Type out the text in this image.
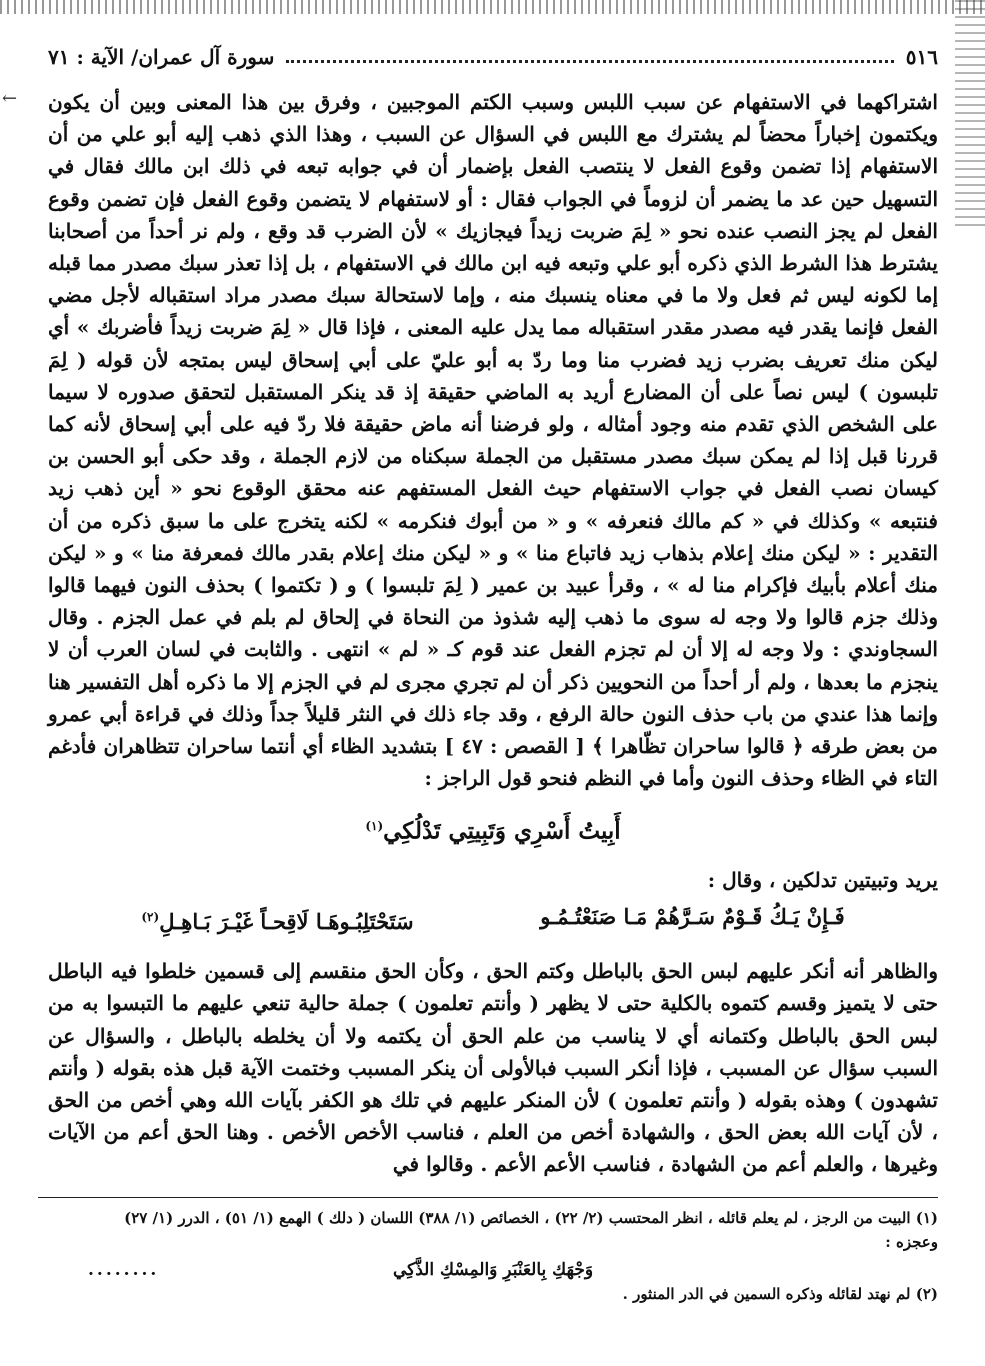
←
٥١٦
سورة آل عمران/ الآية : ٧١

اشتراكهما في الاستفهام عن سبب اللبس وسبب الكتم الموجبين ، وفرق بين هذا المعنى وبين أن يكون ويكتمون إخباراً محضاً لم يشترك مع اللبس في السؤال عن السبب ، وهذا الذي ذهب إليه أبو علي من أن الاستفهام إذا تضمن وقوع الفعل لا ينتصب الفعل بإضمار أن في جوابه تبعه في ذلك ابن مالك فقال في التسهيل حين عد ما يضمر أن لزوماً في الجواب فقال : أو لاستفهام لا يتضمن وقوع الفعل فإن تضمن وقوع الفعل لم يجز النصب عنده نحو « لِمَ ضربت زيداً فيجازيك » لأن الضرب قد وقع ، ولم نر أحداً من أصحابنا يشترط هذا الشرط الذي ذكره أبو علي وتبعه فيه ابن مالك في الاستفهام ، بل إذا تعذر سبك مصدر مما قبله إما لكونه ليس ثم فعل ولا ما في معناه ينسبك منه ، وإما لاستحالة سبك مصدر مراد استقباله لأجل مضي الفعل فإنما يقدر فيه مصدر مقدر استقباله مما يدل عليه المعنى ، فإذا قال « لِمَ ضربت زيداً فأضربك » أي ليكن منك تعريف بضرب زيد فضرب منا وما ردّ به أبو عليّ على أبي إسحاق ليس بمتجه لأن قوله ( لِمَ تلبسون ) ليس نصاً على أن المضارع أريد به الماضي حقيقة إذ قد ينكر المستقبل لتحقق صدوره لا سيما على الشخص الذي تقدم منه وجود أمثاله ، ولو فرضنا أنه ماض حقيقة فلا ردّ فيه على أبي إسحاق لأنه كما قررنا قبل إذا لم يمكن سبك مصدر مستقبل من الجملة سبكناه من لازم الجملة ، وقد حكى أبو الحسن بن كيسان نصب الفعل في جواب الاستفهام حيث الفعل المستفهم عنه محقق الوقوع نحو « أين ذهب زيد فنتبعه » وكذلك في « كم مالك فنعرفه » و « من أبوك فنكرمه » لكنه يتخرج على ما سبق ذكره من أن التقدير : « ليكن منك إعلام بذهاب زيد فاتباع منا » و « ليكن منك إعلام بقدر مالك فمعرفة منا » و « ليكن منك أعلام بأبيك فإكرام منا له » ، وقرأ عبيد بن عمير ( لِمَ تلبسوا ) و ( تكتموا ) بحذف النون فيهما قالوا وذلك جزم قالوا ولا وجه له سوى ما ذهب إليه شذوذ من النحاة في إلحاق لم بلم في عمل الجزم . وقال السجاوندي : ولا وجه له إلا أن لم تجزم الفعل عند قوم كـ « لم » انتهى . والثابت في لسان العرب أن لا ينجزم ما بعدها ، ولم أر أحداً من النحويين ذكر أن لم تجري مجرى لم في الجزم إلا ما ذكره أهل التفسير هنا وإنما هذا عندي من باب حذف النون حالة الرفع ، وقد جاء ذلك في النثر قليلاً جداً وذلك في قراءة أبي عمرو من بعض طرقه ﴿ قالوا ساحران تظّاهرا ﴾ [ القصص : ٤٧ ] بتشديد الظاء أي أنتما ساحران تتظاهران فأدغم التاء في الظاء وحذف النون وأما في النظم فنحو قول الراجز :

أَبِيتُ أَسْرِي وَتَبِيتِي تَدْلُكِي$^{(١)}$
يريد وتبيتين تدلكين ، وقال :
فَـإِنْ يَـكُ قَـوْمٌ سَـرَّهُمْ مَـا صَنَعْتُـمُـو
سَتَحْتَلِبُـوهَـا لَاقِحـاً غَيْـرَ بَـاهِـلِ$^{(٢)}$

والظاهر أنه أنكر عليهم لبس الحق بالباطل وكتم الحق ، وكأن الحق منقسم إلى قسمين خلطوا فيه الباطل حتى لا يتميز وقسم كتموه بالكلية حتى لا يظهر ( وأنتم تعلمون ) جملة حالية تنعي عليهم ما التبسوا به من لبس الحق بالباطل وكتمانه أي لا يناسب من علم الحق أن يكتمه ولا أن يخلطه بالباطل ، والسؤال عن السبب سؤال عن المسبب ، فإذا أنكر السبب فبالأولى أن ينكر المسبب وختمت الآية قبل هذه بقوله ( وأنتم تشهدون ) وهذه بقوله ( وأنتم تعلمون ) لأن المنكر عليهم في تلك هو الكفر بآيات الله وهي أخص من الحق ، لأن آيات الله بعض الحق ، والشهادة أخص من العلم ، فناسب الأخص الأخص . وهنا الحق أعم من الآيات وغيرها ، والعلم أعم من الشهادة ، فناسب الأعم الأعم . وقالوا في

(١) البيت من الرجز ، لم يعلم قائله ، انظر المحتسب (٢/ ٢٢) ، الخصائص (١/ ٣٨٨) اللسان ( دلك ) الهمع (١/ ٥١) ، الدرر (١/ ٢٧)

وعجزه :

........	وَجْهَكِ بِالعَنْبَرِ وَالمِسْكِ الذَّكِي

(٢) لم نهتد لقائله وذكره السمين في الدر المنثور .
